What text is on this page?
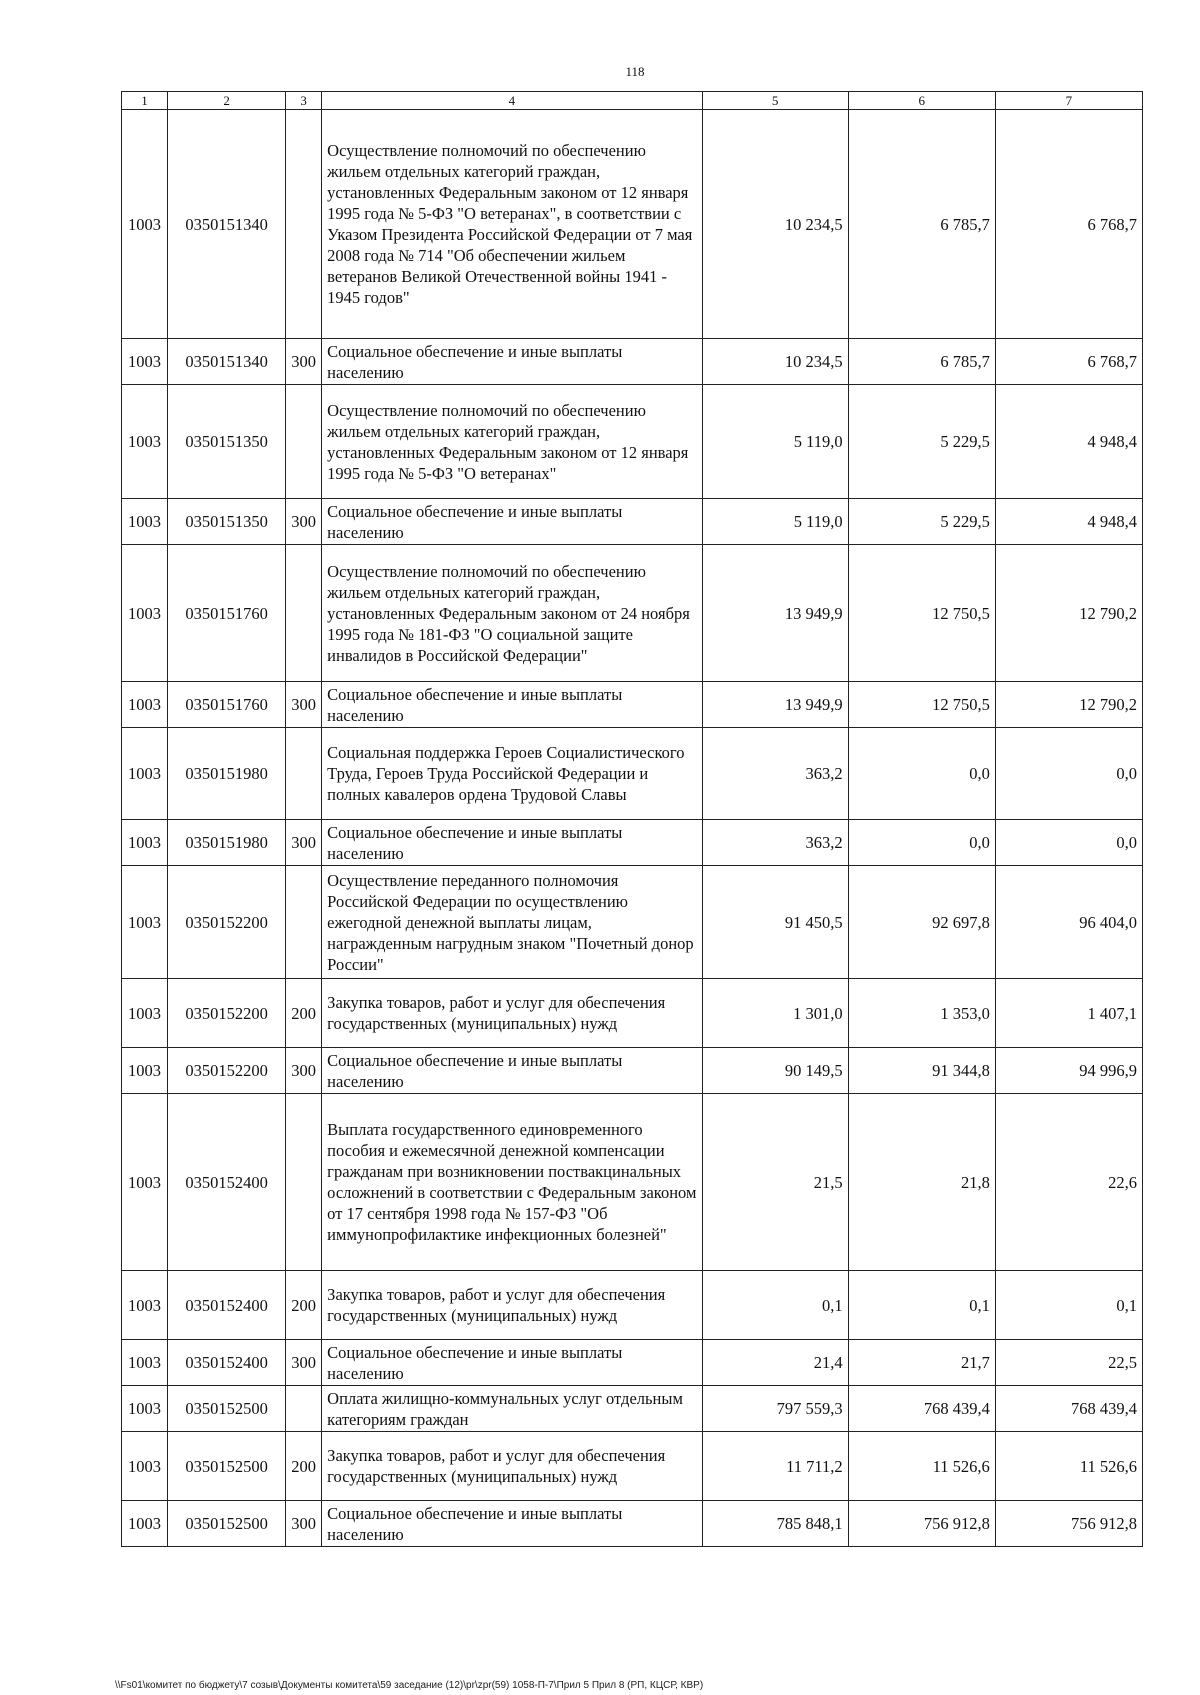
118
1	2	3	4	5	6	7
1003	0350151340		Осуществление полномочий по обеспечению жильем отдельных категорий граждан, установленных Федеральным законом от 12 января 1995 года № 5-ФЗ "О ветеранах", в соответствии с Указом Президента Российской Федерации от 7 мая 2008 года № 714 "Об обеспечении жильем ветеранов Великой Отечественной войны 1941 - 1945 годов"	10 234,5	6 785,7	6 768,7
1003	0350151340	300	Социальное обеспечение и иные выплаты населению	10 234,5	6 785,7	6 768,7
1003	0350151350		Осуществление полномочий по обеспечению жильем отдельных категорий граждан, установленных Федеральным законом от 12 января 1995 года № 5-ФЗ "О ветеранах"	5 119,0	5 229,5	4 948,4
1003	0350151350	300	Социальное обеспечение и иные выплаты населению	5 119,0	5 229,5	4 948,4
1003	0350151760		Осуществление полномочий по обеспечению жильем отдельных категорий граждан, установленных Федеральным законом от 24 ноября 1995 года № 181-ФЗ "О социальной защите инвалидов в Российской Федерации"	13 949,9	12 750,5	12 790,2
1003	0350151760	300	Социальное обеспечение и иные выплаты населению	13 949,9	12 750,5	12 790,2
1003	0350151980		Социальная поддержка Героев Социалистического Труда, Героев Труда Российской Федерации и полных кавалеров ордена Трудовой Славы	363,2	0,0	0,0
1003	0350151980	300	Социальное обеспечение и иные выплаты населению	363,2	0,0	0,0
1003	0350152200		Осуществление переданного полномочия Российской Федерации по осуществлению ежегодной денежной выплаты лицам, награжденным нагрудным знаком "Почетный донор России"	91 450,5	92 697,8	96 404,0
1003	0350152200	200	Закупка товаров, работ и услуг для обеспечения государственных (муниципальных) нужд	1 301,0	1 353,0	1 407,1
1003	0350152200	300	Социальное обеспечение и иные выплаты населению	90 149,5	91 344,8	94 996,9
1003	0350152400		Выплата государственного единовременного пособия и ежемесячной денежной компенсации гражданам при возникновении поствакцинальных осложнений в соответствии с Федеральным законом от 17 сентября 1998 года № 157-ФЗ "Об иммунопрофилактике инфекционных болезней"	21,5	21,8	22,6
1003	0350152400	200	Закупка товаров, работ и услуг для обеспечения государственных (муниципальных) нужд	0,1	0,1	0,1
1003	0350152400	300	Социальное обеспечение и иные выплаты населению	21,4	21,7	22,5
1003	0350152500		Оплата жилищно-коммунальных услуг отдельным категориям граждан	797 559,3	768 439,4	768 439,4
1003	0350152500	200	Закупка товаров, работ и услуг для обеспечения государственных (муниципальных) нужд	11 711,2	11 526,6	11 526,6
1003	0350152500	300	Социальное обеспечение и иные выплаты населению	785 848,1	756 912,8	756 912,8
\\Fs01\комитет по бюджету\7 созыв\Документы комитета\59 заседание (12)\pr\zpr(59) 1058-П-7\Прил 5 Прил 8 (РП, КЦСР, КВР)
